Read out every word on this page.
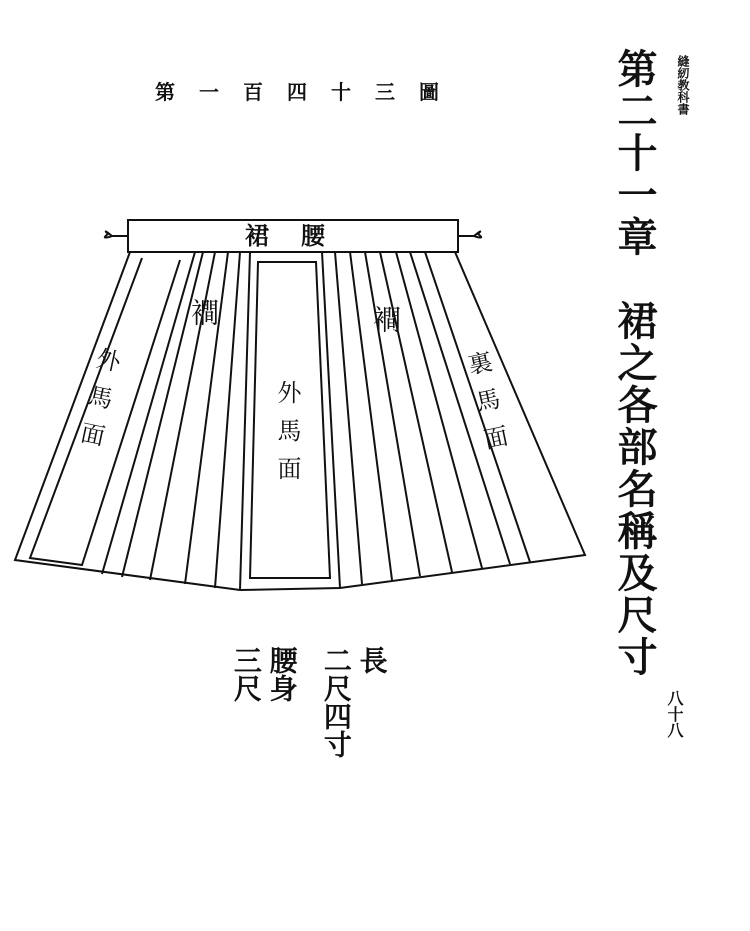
縫紉教科書
第二十一章　裙之各部名稱及尺寸
八十八
第一百四十三圖
裙腰
襇	襇
外馬面	外馬面	裏馬面
長
二尺四寸
腰身
三尺
